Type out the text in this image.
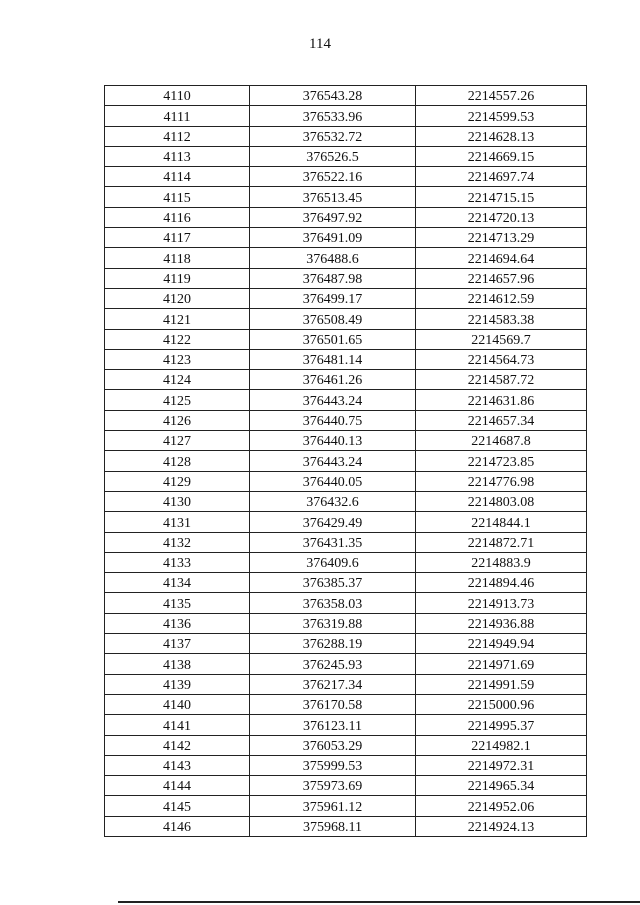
114
4110	376543.28	2214557.26
4111	376533.96	2214599.53
4112	376532.72	2214628.13
4113	376526.5	2214669.15
4114	376522.16	2214697.74
4115	376513.45	2214715.15
4116	376497.92	2214720.13
4117	376491.09	2214713.29
4118	376488.6	2214694.64
4119	376487.98	2214657.96
4120	376499.17	2214612.59
4121	376508.49	2214583.38
4122	376501.65	2214569.7
4123	376481.14	2214564.73
4124	376461.26	2214587.72
4125	376443.24	2214631.86
4126	376440.75	2214657.34
4127	376440.13	2214687.8
4128	376443.24	2214723.85
4129	376440.05	2214776.98
4130	376432.6	2214803.08
4131	376429.49	2214844.1
4132	376431.35	2214872.71
4133	376409.6	2214883.9
4134	376385.37	2214894.46
4135	376358.03	2214913.73
4136	376319.88	2214936.88
4137	376288.19	2214949.94
4138	376245.93	2214971.69
4139	376217.34	2214991.59
4140	376170.58	2215000.96
4141	376123.11	2214995.37
4142	376053.29	2214982.1
4143	375999.53	2214972.31
4144	375973.69	2214965.34
4145	375961.12	2214952.06
4146	375968.11	2214924.13
